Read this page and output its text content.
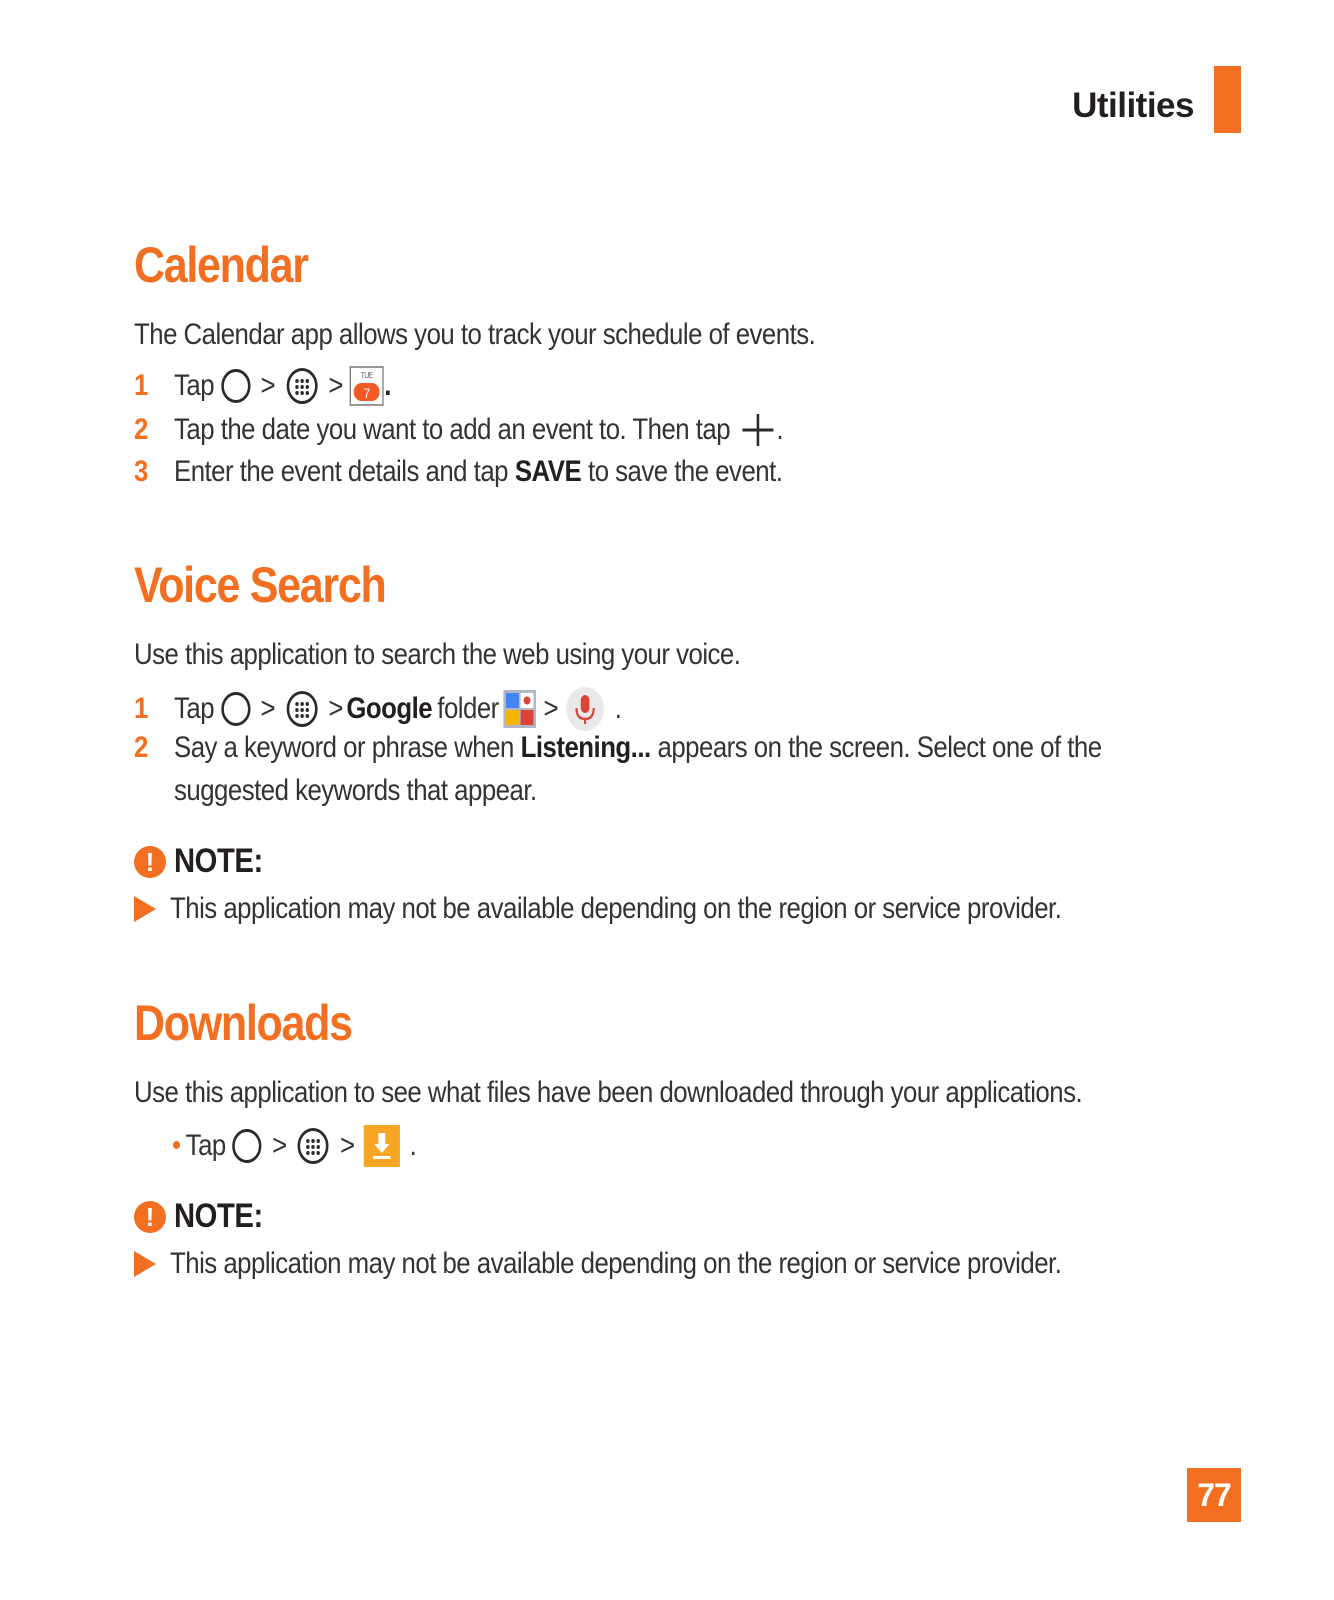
Utilities
Calendar

The Calendar app allows you to track your schedule of events.

1 Tap > > TUE
7 .
2 Tap the date you want to add an event to. Then tap .
3 Enter the event details and tap SAVE to save the event.
Voice Search

Use this application to search the web using your voice.

1 Tap > > Google folder > .
2 Say a keyword or phrase when Listening... appears on the screen. Select one of the

suggested keywords that appear.

! NOTE:
This application may not be available depending on the region or service provider.
Downloads

Use this application to see what files have been downloaded through your applications.

• Tap > > .
! NOTE:
This application may not be available depending on the region or service provider.
77
